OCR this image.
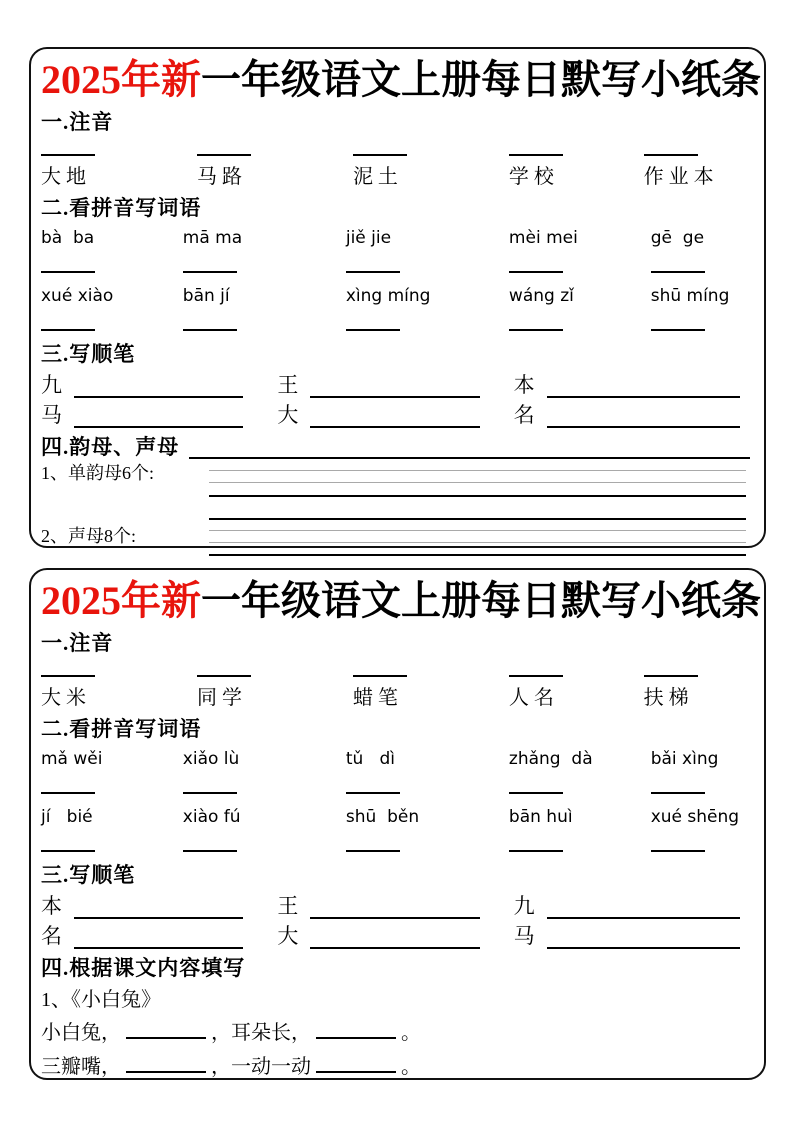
2025年新一年级语文上册每日默写小纸条
一.注音
大 地	马 路	泥 土	学 校	作 业 本
二.看拼音写词语
bà  ba	mā ma	jiě jie	mèi mei	gē  ge
xué xiào	bān jí	xìng míng	wáng zǐ	shū míng
三.写顺笔
九	王	本
马	大	名
四.韵母、声母
1、单韵母6个:
2、声母8个:
2025年新一年级语文上册每日默写小纸条
一.注音
大 米	同 学	蜡 笔	人 名	扶 梯
二.看拼音写词语
mǎ wěi	xiǎo lù	tǔ   dì	zhǎng  dà	bǎi xìng
jí   bié	xiào fú	shū  běn	bān huì	xué shēng
三.写顺笔
本	王	九
名	大	马
四.根据课文内容填写
1、《小白兔》
小白兔，	，耳朵长，	。
三瓣嘴，	，一动一动	。
